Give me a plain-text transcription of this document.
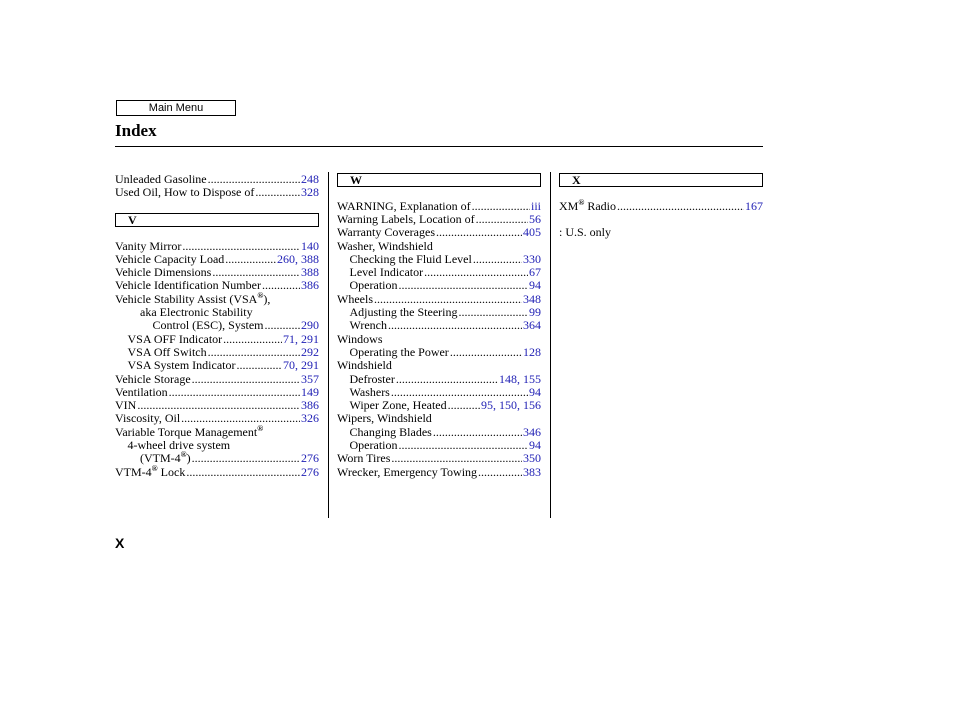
Main Menu
Index
Unleaded Gasoline .....	248
Used Oil, How to Dispose of .....	328
V
Vanity Mirror .....	140
Vehicle Capacity Load .....	260, 388
Vehicle Dimensions .....	388
Vehicle Identification Number .....	386
Vehicle Stability Assist (VSA®),
aka Electronic Stability
Control (ESC), System .....	290
VSA OFF Indicator .....	71, 291
VSA Off Switch .....	292
VSA System Indicator .....	70, 291
Vehicle Storage .....	357
Ventilation .....	149
VIN .....	386
Viscosity, Oil .....	326
Variable Torque Management®
4-wheel drive system
(VTM-4®) .....	276
VTM-4® Lock .....	276
W
WARNING, Explanation of .....	iii
Warning Labels, Location of .....	56
Warranty Coverages .....	405
Washer, Windshield
Checking the Fluid Level .....	330
Level Indicator .....	67
Operation .....	94
Wheels .....	348
Adjusting the Steering .....	99
Wrench .....	364
Windows
Operating the Power .....	128
Windshield
Defroster .....	148, 155
Washers .....	94
Wiper Zone, Heated .....	95, 150, 156
Wipers, Windshield
Changing Blades .....	346
Operation .....	94
Worn Tires .....	350
Wrecker, Emergency Towing .....	383
X
XM® Radio .....	167
: U.S. only
X
